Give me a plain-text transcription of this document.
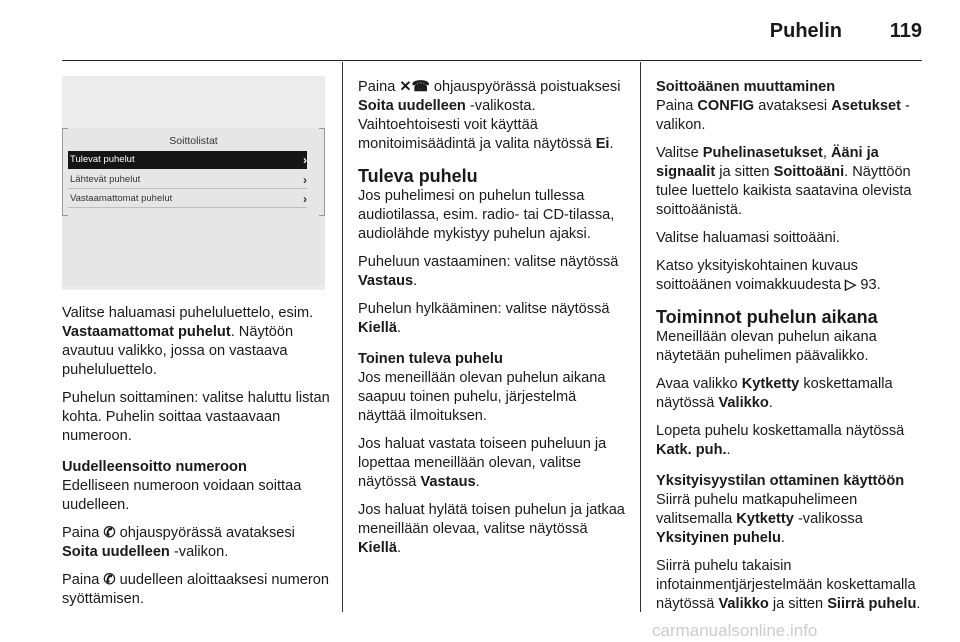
Puhelin 119
Soittolistat
Tulevat puhelut	›
Lähtevät puhelut	›
Vastaamattomat puhelut	›

Valitse haluamasi puheluluettelo, esim. Vastaamattomat puhelut. Näytöön avautuu valikko, jossa on vastaava puheluluettelo.

Puhelun soittaminen: valitse haluttu listan kohta. Puhelin soittaa vastaavaan numeroon.

Uudelleensoitto numeroon

Edelliseen numeroon voidaan soittaa uudelleen.

Paina ✆ ohjauspyörässä avataksesi Soita uudelleen -valikon.

Paina ✆ uudelleen aloittaaksesi numeron syöttämisen.

Paina ✕☎ ohjauspyörässä poistuaksesi Soita uudelleen -valikosta. Vaihtoehtoisesti voit käyttää monitoimisäädintä ja valita näytössä Ei.

Tuleva puhelu

Jos puhelimesi on puhelun tullessa audiotilassa, esim. radio- tai CD-tilassa, audiolähde mykistyy puhelun ajaksi.

Puheluun vastaaminen: valitse näytössä Vastaus.

Puhelun hylkääminen: valitse näytössä Kiellä.

Toinen tuleva puhelu

Jos meneillään olevan puhelun aikana saapuu toinen puhelu, järjestelmä näyttää ilmoituksen.

Jos haluat vastata toiseen puheluun ja lopettaa meneillään olevan, valitse näytössä Vastaus.

Jos haluat hylätä toisen puhelun ja jatkaa meneillään olevaa, valitse näytössä Kiellä.

Soittoäänen muuttaminen

Paina CONFIG avataksesi Asetukset -valikon.

Valitse Puhelinasetukset, Ääni ja signaalit ja sitten Soittoääni. Näyttöön tulee luettelo kaikista saatavina olevista soittoäänistä.

Valitse haluamasi soittoääni.

Katso yksityiskohtainen kuvaus soittoäänen voimakkuudesta ▷ 93.

Toiminnot puhelun aikana

Meneillään olevan puhelun aikana näytetään puhelimen päävalikko.

Avaa valikko Kytketty koskettamalla näytössä Valikko.

Lopeta puhelu koskettamalla näytössä Katk. puh..

Yksityisyystilan ottaminen käyttöön

Siirrä puhelu matkapuhelimeen valitsemalla Kytketty -valikossa Yksityinen puhelu.

Siirrä puhelu takaisin infotainmentjärjestelmään koskettamalla näytössä Valikko ja sitten Siirrä puhelu.

carmanualsonline.info
